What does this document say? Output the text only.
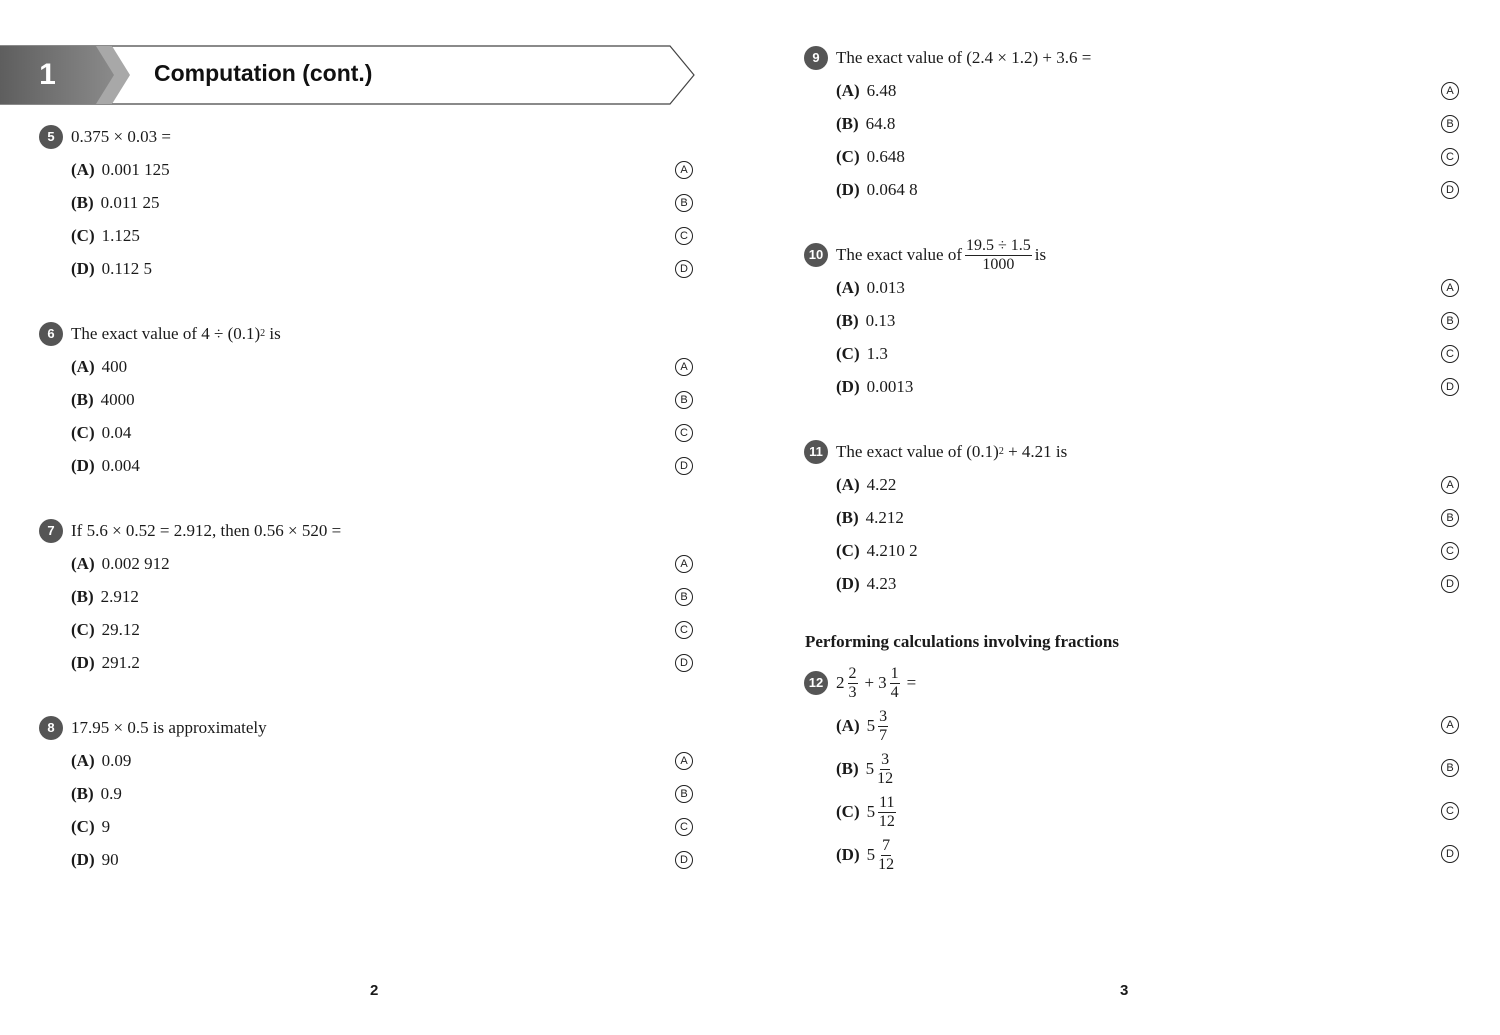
1	Computation (cont.)
5 0.375 × 0.03 =
(A) 0.001 125	A
(B) 0.011 25	B
(C) 1.125	C
(D) 0.112 5	D
6 The exact value of 4 ÷ (0.1) 2 is
(A) 400	A
(B) 4000	B
(C) 0.04	C
(D) 0.004	D
7 If 5.6 × 0.52 = 2.912, then 0.56 × 520 =
(A) 0.002 912	A
(B) 2.912	B
(C) 29.12	C
(D) 291.2	D
8 17.95 × 0.5 is approximately
(A) 0.09	A
(B) 0.9	B
(C) 9	C
(D) 90	D
9 The exact value of (2.4 × 1.2) + 3.6 =
(A) 6.48	A
(B) 64.8	B
(C) 0.648	C
(D) 0.064 8	D
10 The exact value of $\frac{19.5 \div 1.5}{1000}$ is
(A) 0.013	A
(B) 0.13	B
(C) 1.3	C
(D) 0.0013	D
11 The exact value of (0.1) 2 + 4.21 is
(A) 4.22	A
(B) 4.212	B
(C) 4.210 2	C
(D) 4.23	D
Performing calculations involving fractions
12 $2 \frac{2}{3} + 3 \frac{1}{4}$ =
(A) $5 \frac{3}{7}$	A
(B) $5 \frac{3}{12}$	B
(C) $5 \frac{11}{12}$	C
(D) $5 \frac{7}{12}$	D
2	3
